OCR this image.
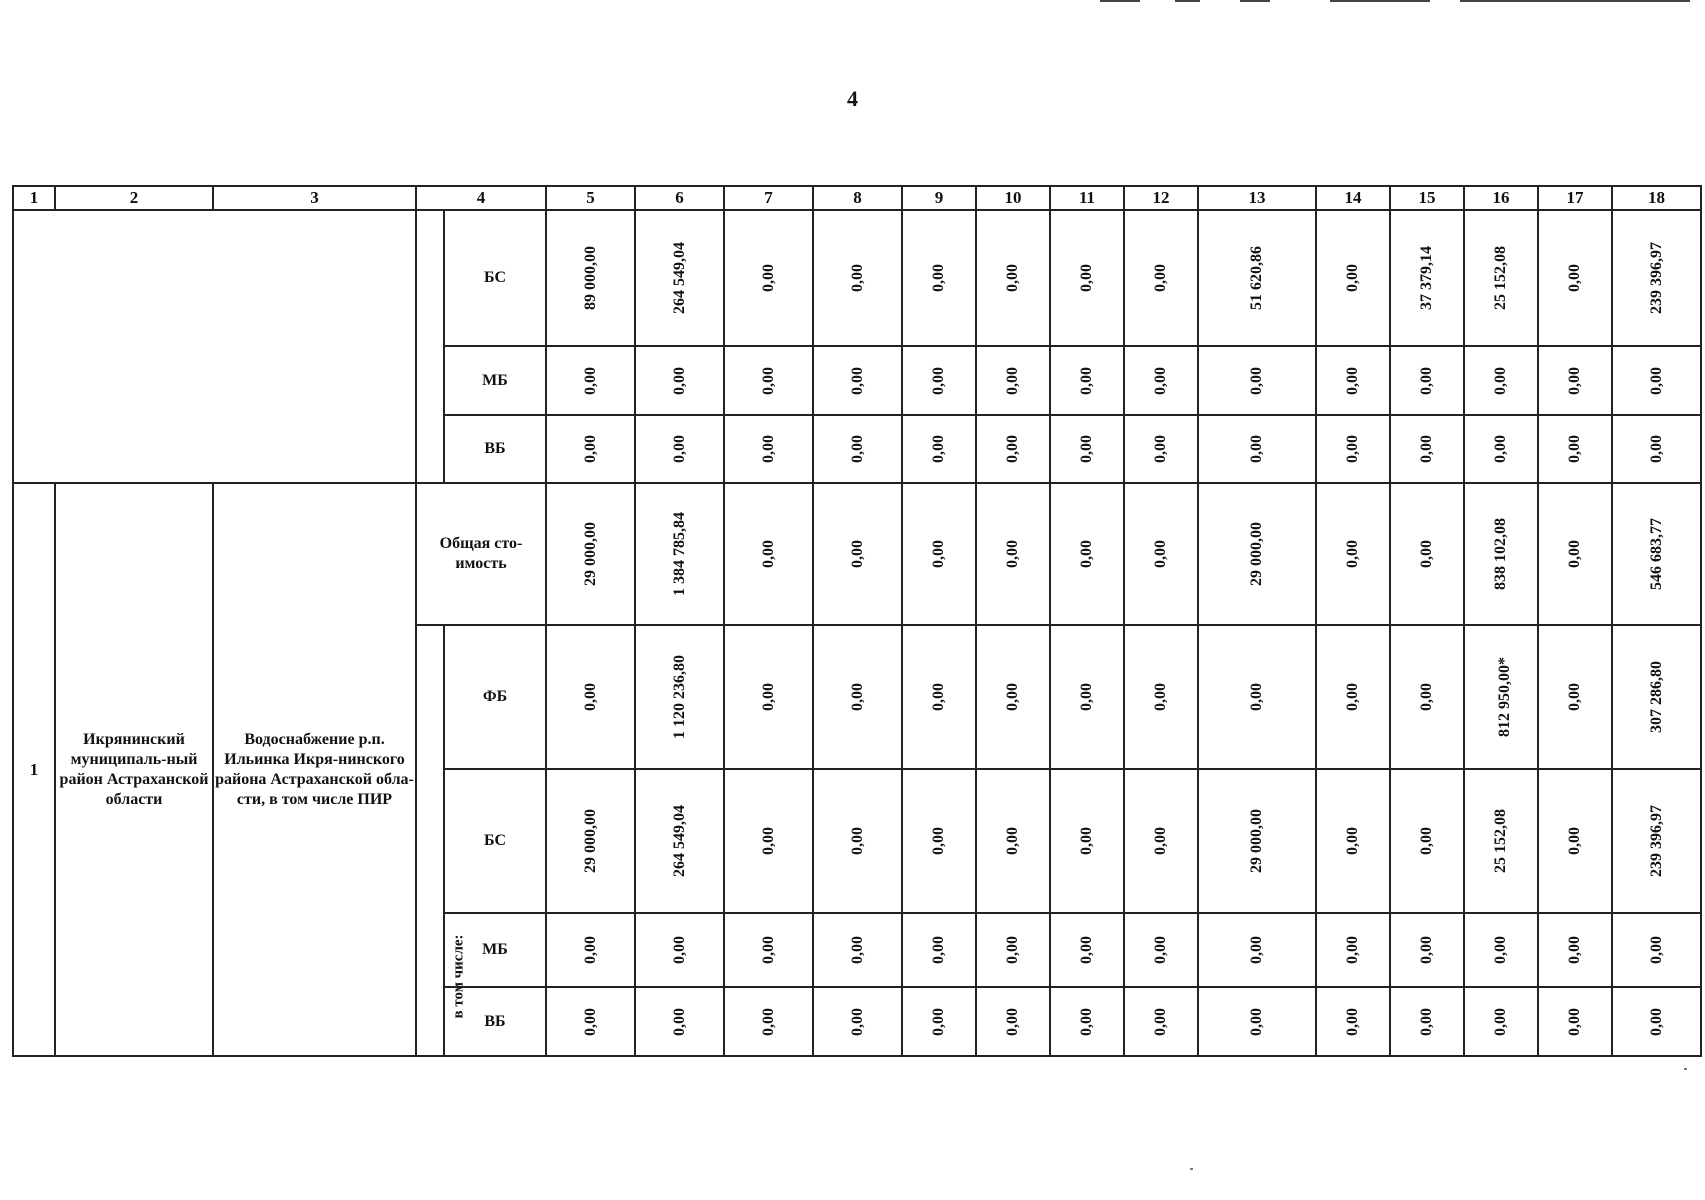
4
1	2	3	4		5	6	7	8	9	10	11	12	13	14	15	16	17	18
				БС	89 000,00	264 549,04	0,00	0,00	0,00	0,00	0,00	0,00	51 620,86	0,00	37 379,14	25 152,08	0,00	239 396,97
				МБ	0,00	0,00	0,00	0,00	0,00	0,00	0,00	0,00	0,00	0,00	0,00	0,00	0,00	0,00
				ВБ	0,00	0,00	0,00	0,00	0,00	0,00	0,00	0,00	0,00	0,00	0,00	0,00	0,00	0,00
1	Икрянинский муниципаль-ный район Астраханской области	Водоснабжение р.п. Ильинка Икря-нинского района Астраханской обла-сти, в том числе ПИР	Общая сто-имость		29 000,00	1 384 785,84	0,00	0,00	0,00	0,00	0,00	0,00	29 000,00	0,00	0,00	838 102,08	0,00	546 683,77
			в том числе:	ФБ	0,00	1 120 236,80	0,00	0,00	0,00	0,00	0,00	0,00	0,00	0,00	0,00	812 950,00*	0,00	307 286,80
				БС	29 000,00	264 549,04	0,00	0,00	0,00	0,00	0,00	0,00	29 000,00	0,00	0,00	25 152,08	0,00	239 396,97
				МБ	0,00	0,00	0,00	0,00	0,00	0,00	0,00	0,00	0,00	0,00	0,00	0,00	0,00	0,00
				ВБ	0,00	0,00	0,00	0,00	0,00	0,00	0,00	0,00	0,00	0,00	0,00	0,00	0,00	0,00
